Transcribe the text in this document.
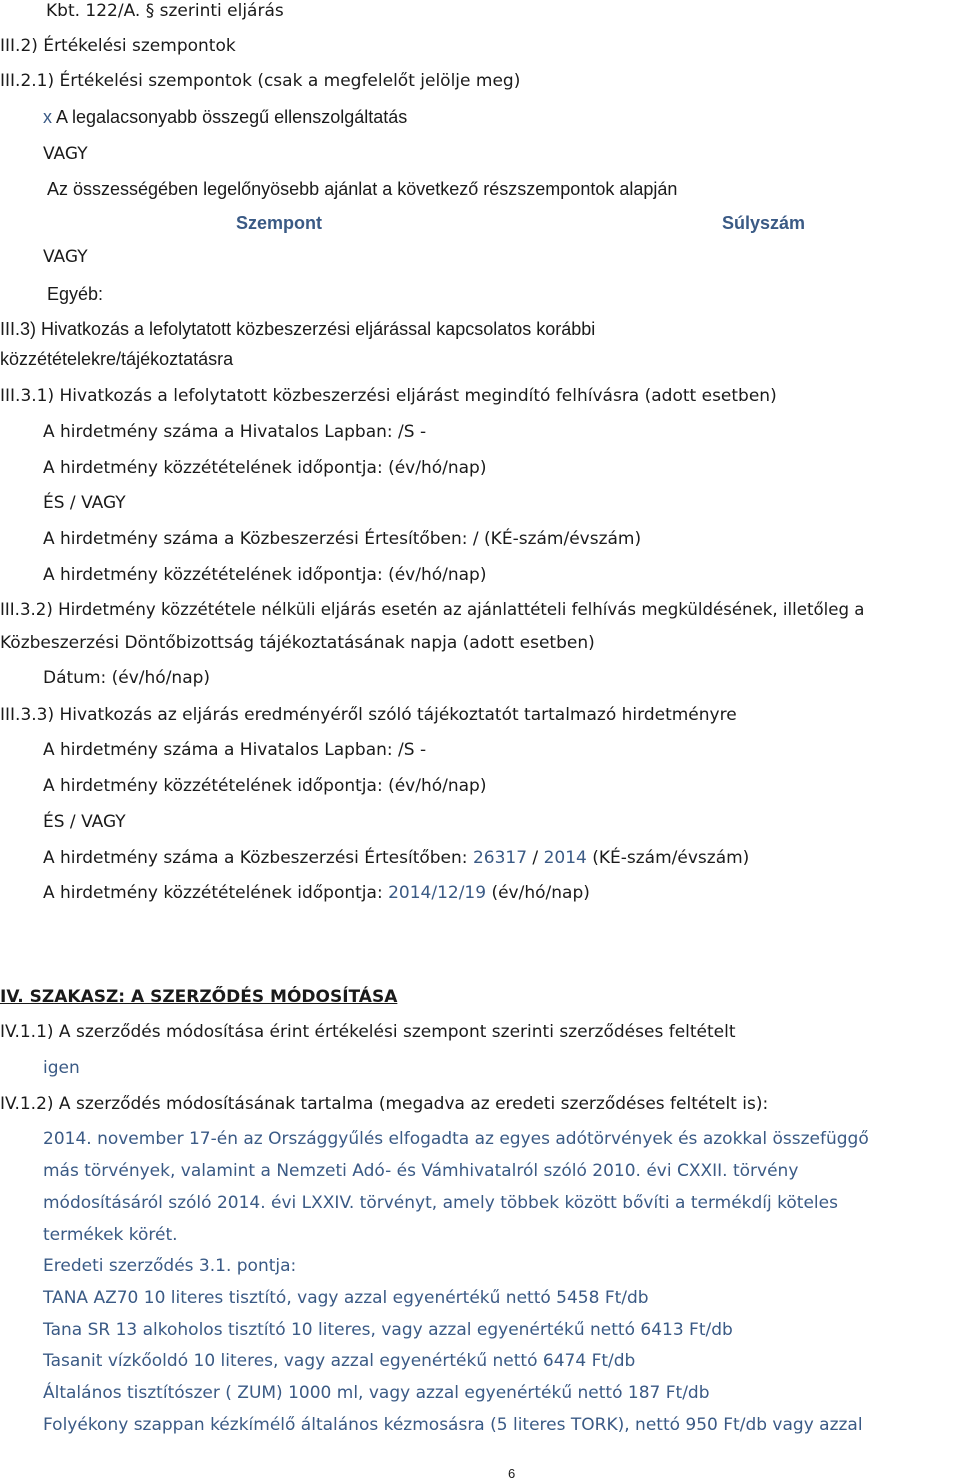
Kbt. 122/A. § szerinti eljárás
III.2) Értékelési szempontok
III.2.1) Értékelési szempontok (csak a megfelelőt jelölje meg)
x A legalacsonyabb összegű ellenszolgáltatás
VAGY
Az összességében legelőnyösebb ajánlat a következő részszempontok alapján
Szempont	Súlyszám
VAGY
Egyéb:
III.3) Hivatkozás a lefolytatott közbeszerzési eljárással kapcsolatos korábbi
közzétételekre/tájékoztatásra
III.3.1) Hivatkozás a lefolytatott közbeszerzési eljárást megindító felhívásra (adott esetben)
A hirdetmény száma a Hivatalos Lapban: /S -
A hirdetmény közzétételének időpontja: (év/hó/nap)
ÉS / VAGY
A hirdetmény száma a Közbeszerzési Értesítőben: / (KÉ-szám/évszám)
A hirdetmény közzétételének időpontja: (év/hó/nap)
III.3.2) Hirdetmény közzététele nélküli eljárás esetén az ajánlattételi felhívás megküldésének, illetőleg a
Közbeszerzési Döntőbizottság tájékoztatásának napja (adott esetben)
Dátum: (év/hó/nap)
III.3.3) Hivatkozás az eljárás eredményéről szóló tájékoztatót tartalmazó hirdetményre
A hirdetmény száma a Hivatalos Lapban: /S -
A hirdetmény közzétételének időpontja: (év/hó/nap)
ÉS / VAGY
A hirdetmény száma a Közbeszerzési Értesítőben: 26317 / 2014 (KÉ-szám/évszám)
A hirdetmény közzétételének időpontja: 2014/12/19 (év/hó/nap)
IV. SZAKASZ: A SZERZŐDÉS MÓDOSÍTÁSA
IV.1.1) A szerződés módosítása érint értékelési szempont szerinti szerződéses feltételt
igen
IV.1.2) A szerződés módosításának tartalma (megadva az eredeti szerződéses feltételt is):
2014. november 17-én az Országgyűlés elfogadta az egyes adótörvények és azokkal összefüggő
más törvények, valamint a Nemzeti Adó- és Vámhivatalról szóló 2010. évi CXXII. törvény
módosításáról szóló 2014. évi LXXIV. törvényt, amely többek között bővíti a termékdíj köteles
termékek körét.
Eredeti szerződés 3.1. pontja:
TANA AZ70 10 literes tisztító, vagy azzal egyenértékű nettó 5458 Ft/db
Tana SR 13 alkoholos tisztító 10 literes, vagy azzal egyenértékű nettó 6413 Ft/db
Tasanit vízkőoldó 10 literes, vagy azzal egyenértékű nettó 6474 Ft/db
Általános tisztítószer ( ZUM) 1000 ml, vagy azzal egyenértékű nettó 187 Ft/db
Folyékony szappan kézkímélő általános kézmosásra (5 literes TORK), nettó 950 Ft/db vagy azzal
6
